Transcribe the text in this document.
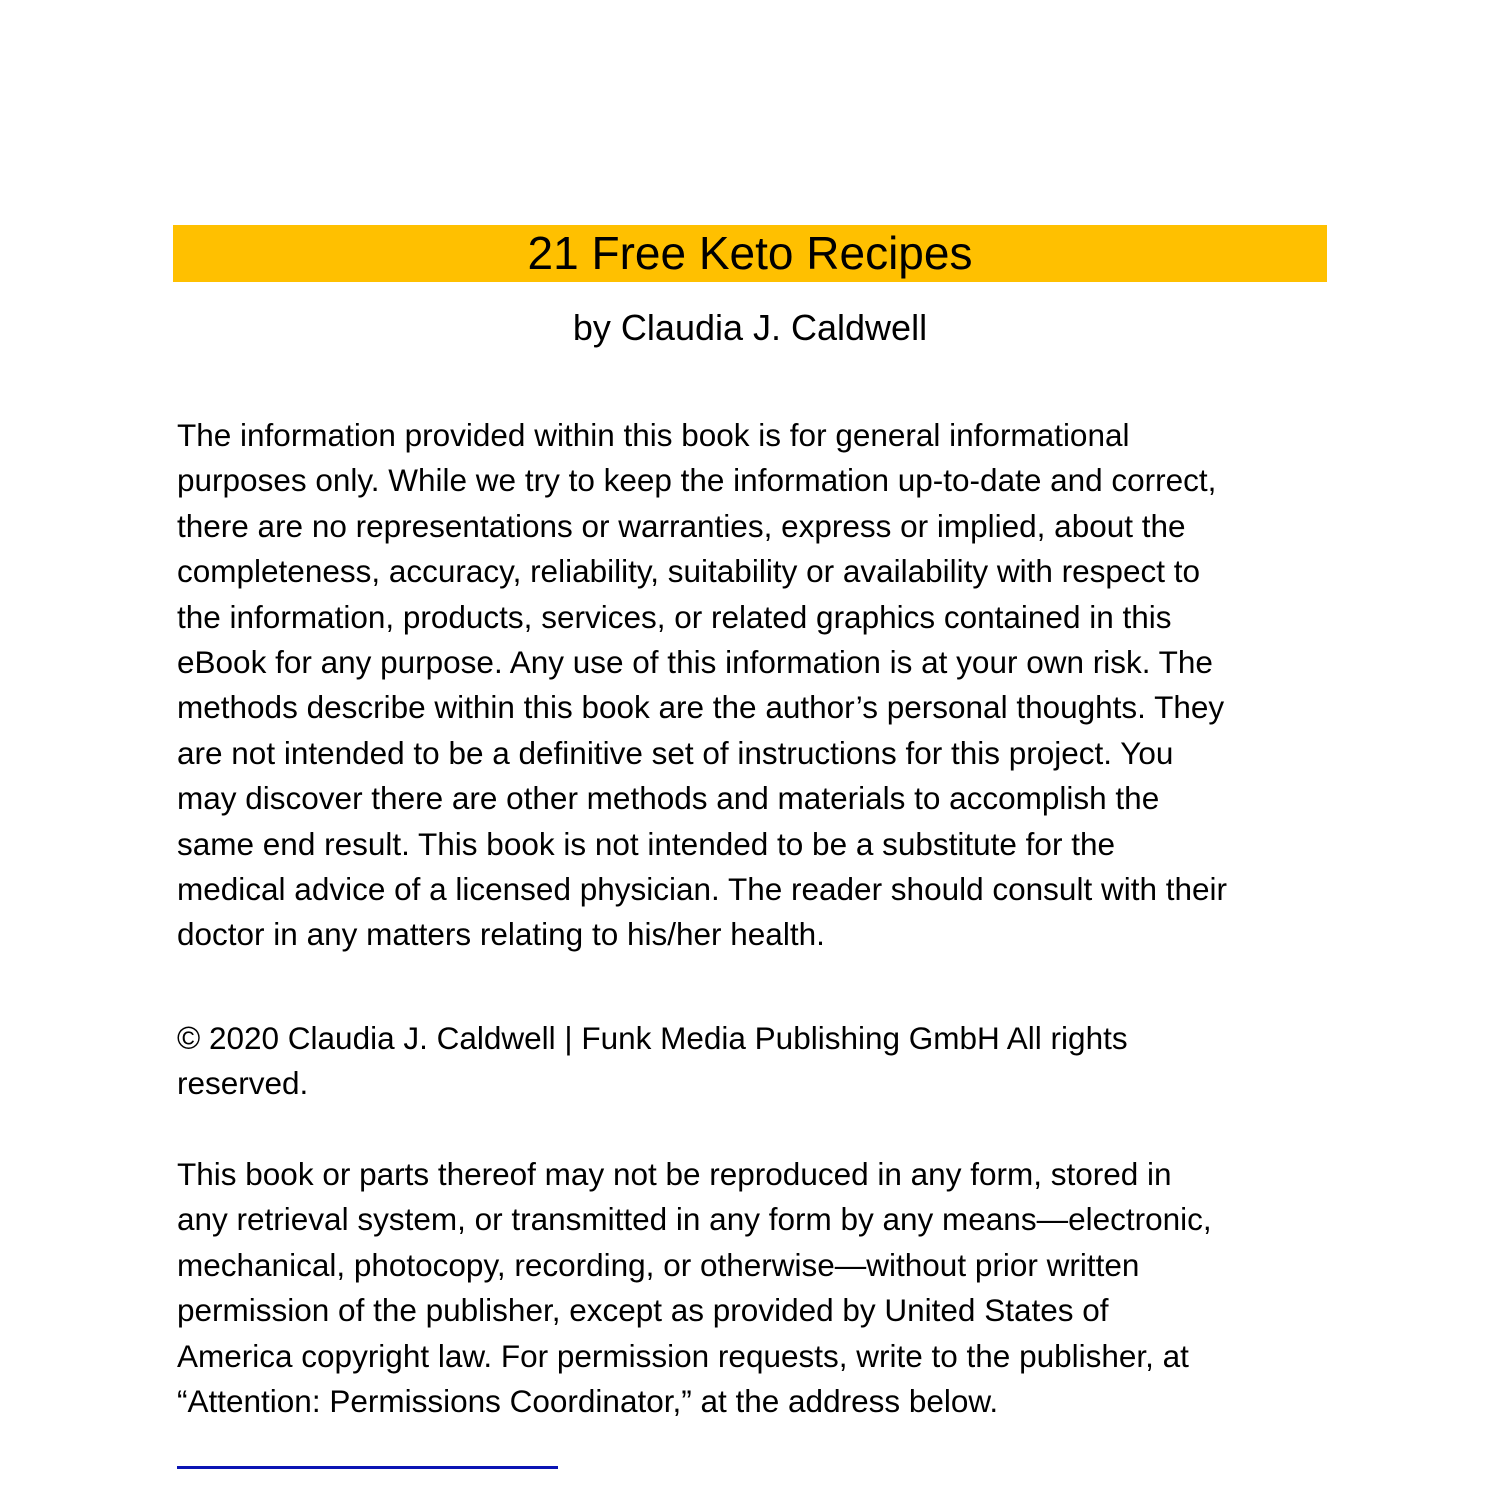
21 Free Keto Recipes
by Claudia J. Caldwell
The information provided within this book is for general informational
purposes only. While we try to keep the information up-to-date and correct,
there are no representations or warranties, express or implied, about the
completeness, accuracy, reliability, suitability or availability with respect to
the information, products, services, or related graphics contained in this
eBook for any purpose. Any use of this information is at your own risk. The
methods describe within this book are the author’s personal thoughts. They
are not intended to be a definitive set of instructions for this project. You
may discover there are other methods and materials to accomplish the
same end result. This book is not intended to be a substitute for the
medical advice of a licensed physician. The reader should consult with their
doctor in any matters relating to his/her health.
© 2020 Claudia J. Caldwell | Funk Media Publishing GmbH All rights
reserved.
This book or parts thereof may not be reproduced in any form, stored in
any retrieval system, or transmitted in any form by any means—electronic,
mechanical, photocopy, recording, or otherwise—without prior written
permission of the publisher, except as provided by United States of
America copyright law. For permission requests, write to the publisher, at
“Attention: Permissions Coordinator,” at the address below.
